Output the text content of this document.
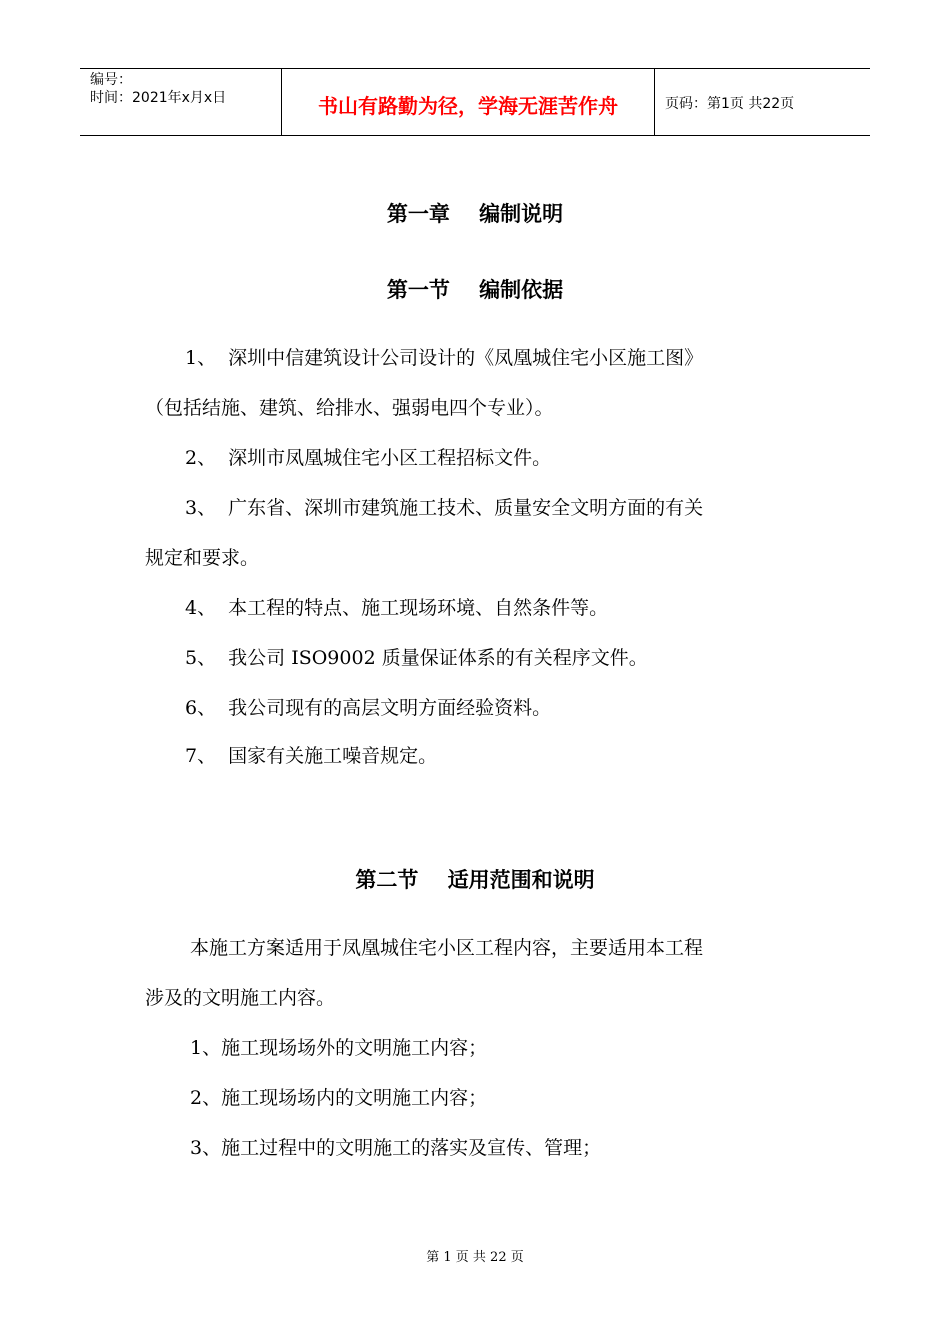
编号：
时间：2021年x月x日	书山有路勤为径，学海无涯苦作舟	页码：第1页 共22页
第一章    编制说明
第一节    编制依据
1、  深圳中信建筑设计公司设计的《凤凰城住宅小区施工图》
（包括结施、建筑、给排水、强弱电四个专业）。
2、  深圳市凤凰城住宅小区工程招标文件。
3、  广东省、深圳市建筑施工技术、质量安全文明方面的有关
规定和要求。
4、  本工程的特点、施工现场环境、自然条件等。
5、  我公司 ISO9002 质量保证体系的有关程序文件。
6、  我公司现有的高层文明方面经验资料。
7、  国家有关施工噪音规定。
第二节    适用范围和说明
本施工方案适用于凤凰城住宅小区工程内容，主要适用本工程
涉及的文明施工内容。
1、施工现场场外的文明施工内容；
2、施工现场场内的文明施工内容；
3、施工过程中的文明施工的落实及宣传、管理；
第 1 页 共 22 页
